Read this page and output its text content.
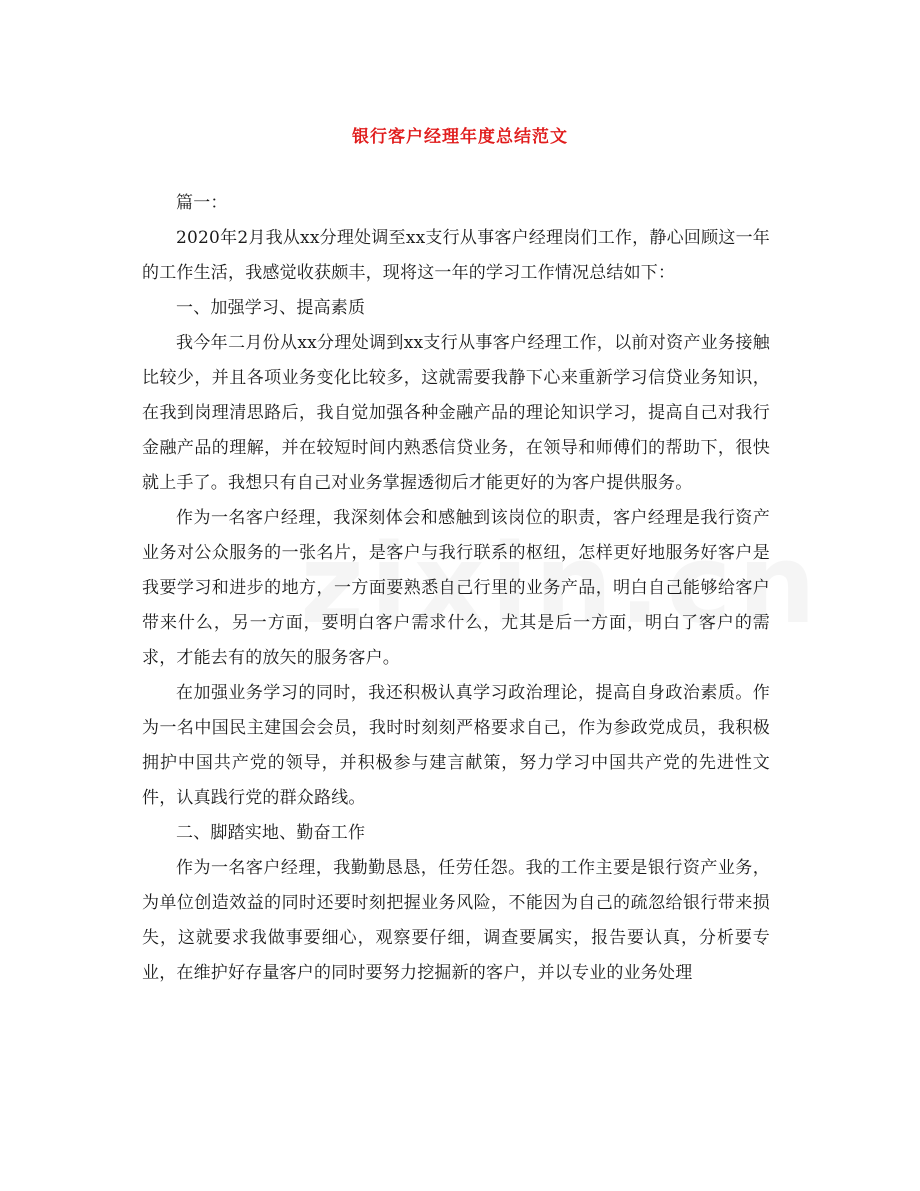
银行客户经理年度总结范文

篇一：

2020年2月我从xx分理处调至xx支行从事客户经理岗们工作，静心回顾这一年的工作生活，我感觉收获颇丰，现将这一年的学习工作情况总结如下：

一、加强学习、提高素质

我今年二月份从xx分理处调到xx支行从事客户经理工作，以前对资产业务接触比较少，并且各项业务变化比较多，这就需要我静下心来重新学习信贷业务知识，在我到岗理清思路后，我自觉加强各种金融产品的理论知识学习，提高自己对我行金融产品的理解，并在较短时间内熟悉信贷业务，在领导和师傅们的帮助下，很快就上手了。我想只有自己对业务掌握透彻后才能更好的为客户提供服务。

作为一名客户经理，我深刻体会和感触到该岗位的职责，客户经理是我行资产业务对公众服务的一张名片，是客户与我行联系的枢纽，怎样更好地服务好客户是我要学习和进步的地方，一方面要熟悉自己行里的业务产品，明白自己能够给客户带来什么，另一方面，要明白客户需求什么，尤其是后一方面，明白了客户的需求，才能去有的放矢的服务客户。

在加强业务学习的同时，我还积极认真学习政治理论，提高自身政治素质。作为一名中国民主建国会会员，我时时刻刻严格要求自己，作为参政党成员，我积极拥护中国共产党的领导，并积极参与建言献策，努力学习中国共产党的先进性文件，认真践行党的群众路线。

二、脚踏实地、勤奋工作

作为一名客户经理，我勤勤恳恳，任劳任怨。我的工作主要是银行资产业务，为单位创造效益的同时还要时刻把握业务风险，不能因为自己的疏忽给银行带来损失，这就要求我做事要细心，观察要仔细，调查要属实，报告要认真，分析要专业，在维护好存量客户的同时要努力挖掘新的客户，并以专业的业务处理
